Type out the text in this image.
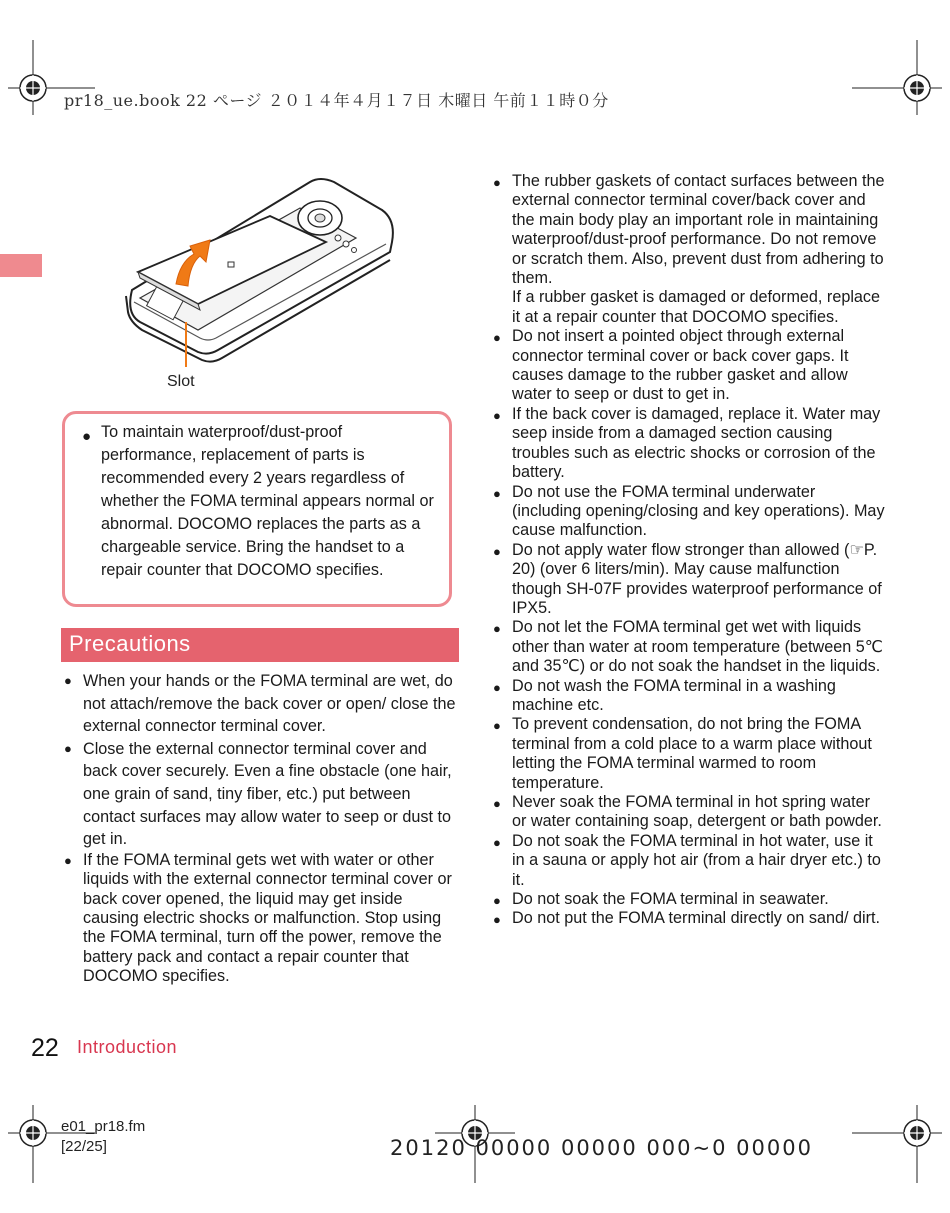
pr18_ue.book 22 ページ ２０１４年４月１７日 木曜日 午前１１時０分
Slot
● To maintain waterproof/dust-proof performance, replacement of parts is recommended every 2 years regardless of whether the FOMA terminal appears normal or abnormal. DOCOMO replaces the parts as a chargeable service. Bring the handset to a repair counter that DOCOMO specifies.
Precautions
● When your hands or the FOMA terminal are wet, do not attach/remove the back cover or open/ close the external connector terminal cover.
● Close the external connector terminal cover and back cover securely. Even a fine obstacle (one hair, one grain of sand, tiny fiber, etc.) put between contact surfaces may allow water to seep or dust to get in.
● If the FOMA terminal gets wet with water or other liquids with the external connector terminal cover or back cover opened, the liquid may get inside causing electric shocks or malfunction. Stop using the FOMA terminal, turn off the power, remove the battery pack and contact a repair counter that DOCOMO specifies.
● The rubber gaskets of contact surfaces between the external connector terminal cover/back cover and the main body play an important role in maintaining waterproof/dust-proof performance. Do not remove or scratch them. Also, prevent dust from adhering to them.
If a rubber gasket is damaged or deformed, replace it at a repair counter that DOCOMO specifies.
● Do not insert a pointed object through external connector terminal cover or back cover gaps. It causes damage to the rubber gasket and allow water to seep or dust to get in.
● If the back cover is damaged, replace it. Water may seep inside from a damaged section causing troubles such as electric shocks or corrosion of the battery.
● Do not use the FOMA terminal underwater (including opening/closing and key operations). May cause malfunction.
● Do not apply water flow stronger than allowed (☞P. 20) (over 6 liters/min). May cause malfunction though SH-07F provides waterproof performance of IPX5.
● Do not let the FOMA terminal get wet with liquids other than water at room temperature (between 5℃ and 35℃) or do not soak the handset in the liquids.
● Do not wash the FOMA terminal in a washing machine etc.
● To prevent condensation, do not bring the FOMA terminal from a cold place to a warm place without letting the FOMA terminal warmed to room temperature.
● Never soak the FOMA terminal in hot spring water or water containing soap, detergent or bath powder.
● Do not soak the FOMA terminal in hot water, use it in a sauna or apply hot air (from a hair dryer etc.) to it.
● Do not soak the FOMA terminal in seawater.
● Do not put the FOMA terminal directly on sand/ dirt.
22 Introduction
e01_pr18.fm
[22/25]	20120 00000 00000 000~0 00000
